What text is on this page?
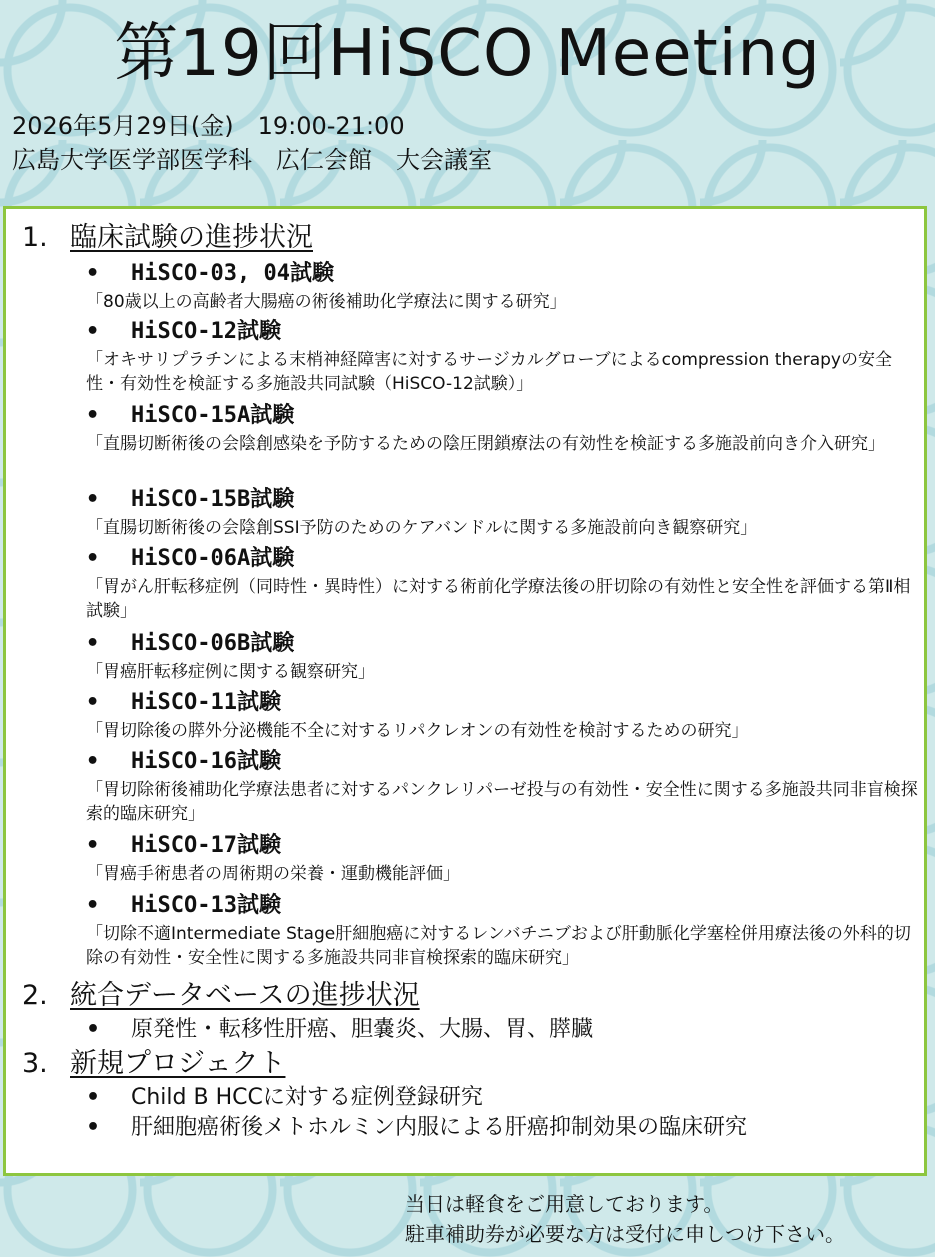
第19回HiSCO Meeting
2026年5月29日(金)　19:00-21:00
広島大学医学部医学科　広仁会館　大会議室
1. 臨床試験の進捗状況
• HiSCO-03, 04試験
「80歳以上の高齢者大腸癌の術後補助化学療法に関する研究」
• HiSCO-12試験
「オキサリプラチンによる末梢神経障害に対するサージカルグローブによるcompression therapyの安全性・有効性を検証する多施設共同試験（HiSCO-12試験）」
• HiSCO-15A試験
「直腸切断術後の会陰創感染を予防するための陰圧閉鎖療法の有効性を検証する多施設前向き介入研究」
• HiSCO-15B試験
「直腸切断術後の会陰創SSI予防のためのケアバンドルに関する多施設前向き観察研究」
• HiSCO-06A試験
「胃がん肝転移症例（同時性・異時性）に対する術前化学療法後の肝切除の有効性と安全性を評価する第Ⅱ相試験」
• HiSCO-06B試験
「胃癌肝転移症例に関する観察研究」
• HiSCO-11試験
「胃切除後の膵外分泌機能不全に対するリパクレオンの有効性を検討するための研究」
• HiSCO-16試験
「胃切除術後補助化学療法患者に対するパンクレリパーゼ投与の有効性・安全性に関する多施設共同非盲検探索的臨床研究」
• HiSCO-17試験
「胃癌手術患者の周術期の栄養・運動機能評価」
• HiSCO-13試験
「切除不適Intermediate Stage肝細胞癌に対するレンバチニブおよび肝動脈化学塞栓併用療法後の外科的切除の有効性・安全性に関する多施設共同非盲検探索的臨床研究」
2. 統合データベースの進捗状況
• 原発性・転移性肝癌、胆嚢炎、大腸、胃、膵臓
3. 新規プロジェクト
• Child B HCCに対する症例登録研究
• 肝細胞癌術後メトホルミン内服による肝癌抑制効果の臨床研究
当日は軽食をご用意しております。
駐車補助券が必要な方は受付に申しつけ下さい。
